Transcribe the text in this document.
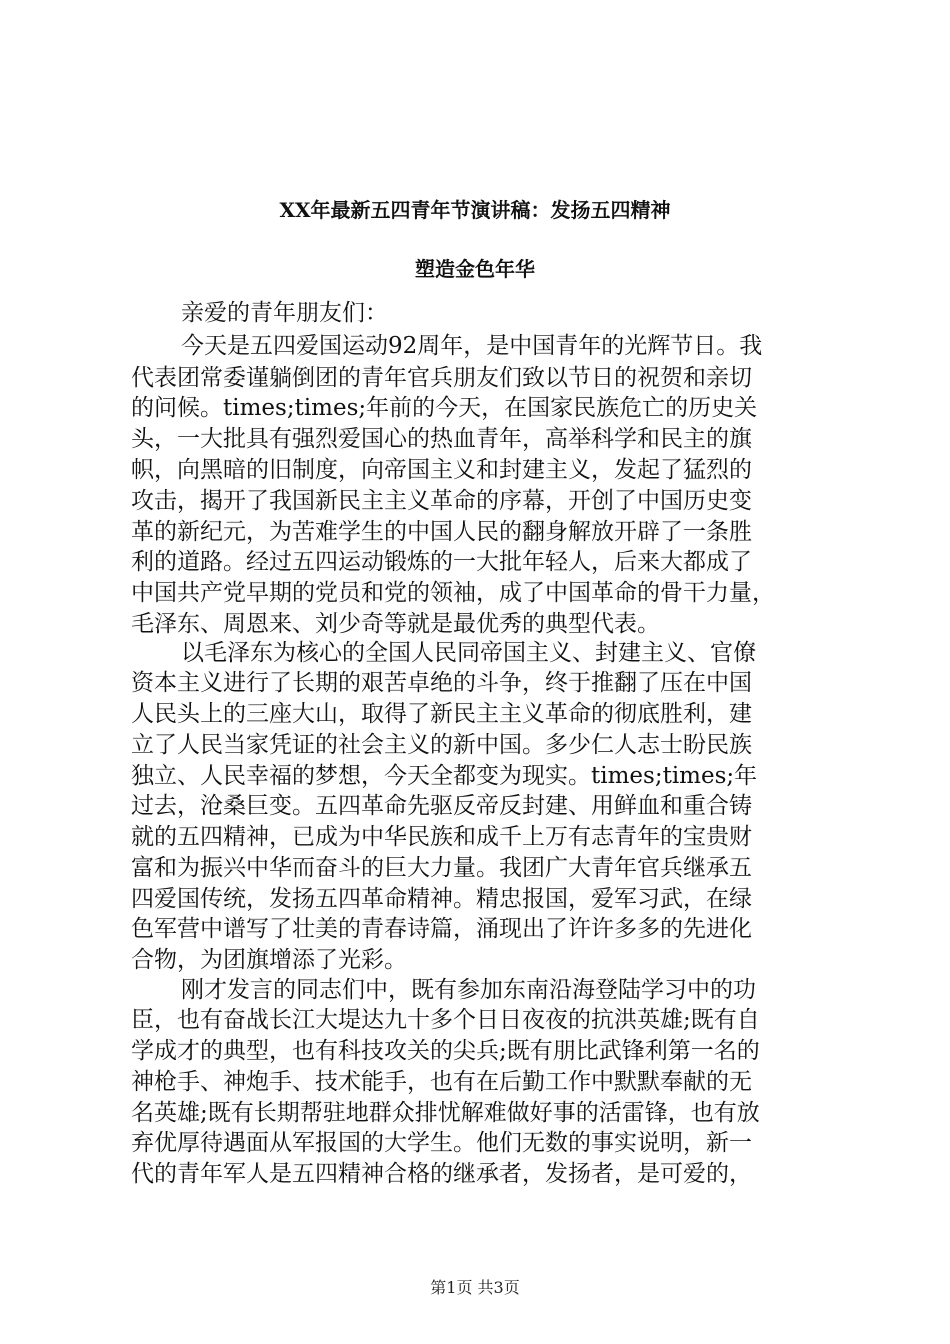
XX年最新五四青年节演讲稿：发扬五四精神
塑造金色年华
亲爱的青年朋友们：
今天是五四爱国运动92周年，是中国青年的光辉节日。我
代表团常委谨躺倒团的青年官兵朋友们致以节日的祝贺和亲切
的问候。times;times;年前的今天，在国家民族危亡的历史关
头，一大批具有强烈爱国心的热血青年，高举科学和民主的旗
帜，向黑暗的旧制度，向帝国主义和封建主义，发起了猛烈的
攻击，揭开了我国新民主主义革命的序幕，开创了中国历史变
革的新纪元，为苦难学生的中国人民的翻身解放开辟了一条胜
利的道路。经过五四运动锻炼的一大批年轻人，后来大都成了
中国共产党早期的党员和党的领袖，成了中国革命的骨干力量，
毛泽东、周恩来、刘少奇等就是最优秀的典型代表。
以毛泽东为核心的全国人民同帝国主义、封建主义、官僚
资本主义进行了长期的艰苦卓绝的斗争，终于推翻了压在中国
人民头上的三座大山，取得了新民主主义革命的彻底胜利，建
立了人民当家凭证的社会主义的新中国。多少仁人志士盼民族
独立、人民幸福的梦想，今天全都变为现实。times;times;年
过去，沧桑巨变。五四革命先驱反帝反封建、用鲜血和重合铸
就的五四精神，已成为中华民族和成千上万有志青年的宝贵财
富和为振兴中华而奋斗的巨大力量。我团广大青年官兵继承五
四爱国传统，发扬五四革命精神。精忠报国，爱军习武，在绿
色军营中谱写了壮美的青春诗篇，涌现出了许许多多的先进化
合物，为团旗增添了光彩。
刚才发言的同志们中，既有参加东南沿海登陆学习中的功
臣，也有奋战长江大堤达九十多个日日夜夜的抗洪英雄;既有自
学成才的典型，也有科技攻关的尖兵;既有朋比武锋利第一名的
神枪手、神炮手、技术能手，也有在后勤工作中默默奉献的无
名英雄;既有长期帮驻地群众排忧解难做好事的活雷锋，也有放
弃优厚待遇面从军报国的大学生。他们无数的事实说明，新一
代的青年军人是五四精神合格的继承者，发扬者，是可爱的，
第1页 共3页
